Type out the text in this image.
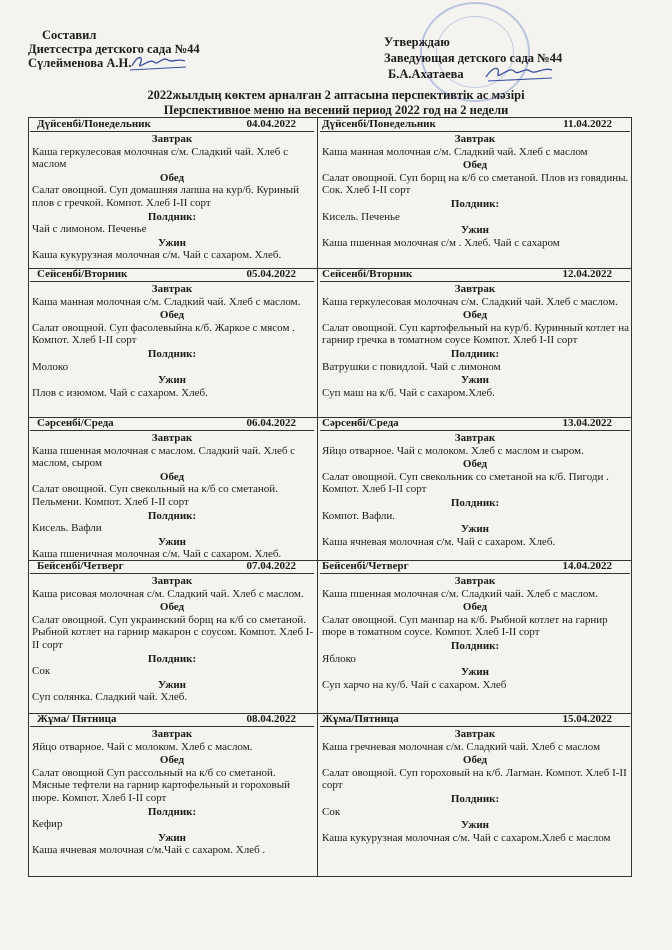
Составил
Диетсестра детского сада №44
Сүлейменова А.Н.
Утверждаю
Заведующая детского сада №44
Б.А.Ахатаева
2022жылдың көктем арналған 2 аптасына перспективтік ас мәзірі
Перспективное меню на весений период 2022 год на 2 недели
Дүйсенбі/Понедельник	04.04.2022
Завтрак
Каша геркулесовая молочная с/м. Сладкий чай. Хлеб с маслом
Обед
Салат овощной. Суп домашняя лапша на кур/б. Куриный плов с гречкой. Компот. Хлеб I-II сорт
Полдник:
Чай с лимоном. Печенье
Ужин
Каша кукурузная молочная с/м. Чай с сахаром. Хлеб.
Сейсенбі/Вторник	05.04.2022
Завтрак
Каша манная молочная с/м. Сладкий чай. Хлеб с маслом.
Обед
Салат овощной. Суп фасолевыйна к/б. Жаркое с мясом . Компот. Хлеб I-II сорт
Полдник:
Молоко
Ужин
Плов с изюмом. Чай с сахаром. Хлеб.
Сәрсенбі/Среда	06.04.2022
Завтрак
Каша пшенная молочная с маслом. Сладкий чай. Хлеб с маслом, сыром
Обед
Салат овощной. Суп свекольный на к/б со сметаной. Пельмени. Компот. Хлеб I-II сорт
Полдник:
Кисель. Вафли
Ужин
Каша пшеничная молочная с/м. Чай с сахаром. Хлеб.
Бейсенбі/Четверг	07.04.2022
Завтрак
Каша рисовая молочная с/м. Сладкий чай. Хлеб с маслом.
Обед
Салат овощной. Суп украинский борщ на к/б со сметаной. Рыбной котлет на гарнир макарон с соусом. Компот. Хлеб I-II сорт
Полдник:
Сок
Ужин
Суп солянка. Сладкий чай. Хлеб.
Жұма/ Пятница	08.04.2022
Завтрак
Яйцо отварное. Чай с молоком. Хлеб с маслом.
Обед
Салат овощной Суп рассольный на к/б со сметаной. Мясные тефтели на гарнир картофельный и гороховый пюре. Компот. Хлеб I-II сорт
Полдник:
Кефир
Ужин
Каша ячневая молочная с/м.Чай с сахаром. Хлеб .
Дүйсенбі/Понедельник	11.04.2022
Завтрак
Каша манная молочная с/м. Сладкий чай. Хлеб с маслом
Обед
Салат овощной. Суп борщ на к/б со сметаной. Плов из говядины. Сок. Хлеб I-II сорт
Полдник:
Кисель. Печенье
Ужин
Каша пшенная молочная с/м . Хлеб. Чай с сахаром
Сейсенбі/Вторник	12.04.2022
Завтрак
Каша геркулесовая молочнач с/м. Сладкий чай. Хлеб с маслом.
Обед
Салат овощной. Суп картофельный на кур/б. Куринный котлет на гарнир гречка в томатном соусе Компот. Хлеб I-II сорт
Полдник:
Ватрушки с повидлой. Чай с лимоном
Ужин
Суп маш на к/б. Чай с сахаром.Хлеб.
Сәрсенбі/Среда	13.04.2022
Завтрак
Яйцо отварное. Чай с молоком. Хлеб с маслом и сыром.
Обед
Салат овощной. Суп свекольник со сметаной на к/б. Пигоди . Компот. Хлеб I-II сорт
Полдник:
Компот. Вафли.
Ужин
Каша ячневая молочная с/м. Чай с сахаром. Хлеб.
Бейсенбі/Четверг	14.04.2022
Завтрак
Каша пшенная молочная с/м. Сладкий чай. Хлеб с маслом.
Обед
Салат овощной. Суп манпар на к/б. Рыбной котлет на гарнир пюре в томатном соусе. Компот. Хлеб I-II сорт
Полдник:
Яблоко
Ужин
Суп харчо на ку/б. Чай с сахаром. Хлеб
Жұма/Пятница	15.04.2022
Завтрак
Каша гречневая молочная с/м. Сладкий чай. Хлеб с маслом
Обед
Салат овощной. Суп гороховый на к/б. Лагман. Компот. Хлеб I-II сорт
Полдник:
Сок
Ужин
Каша кукурузная молочная с/м. Чай с сахаром.Хлеб с маслом
